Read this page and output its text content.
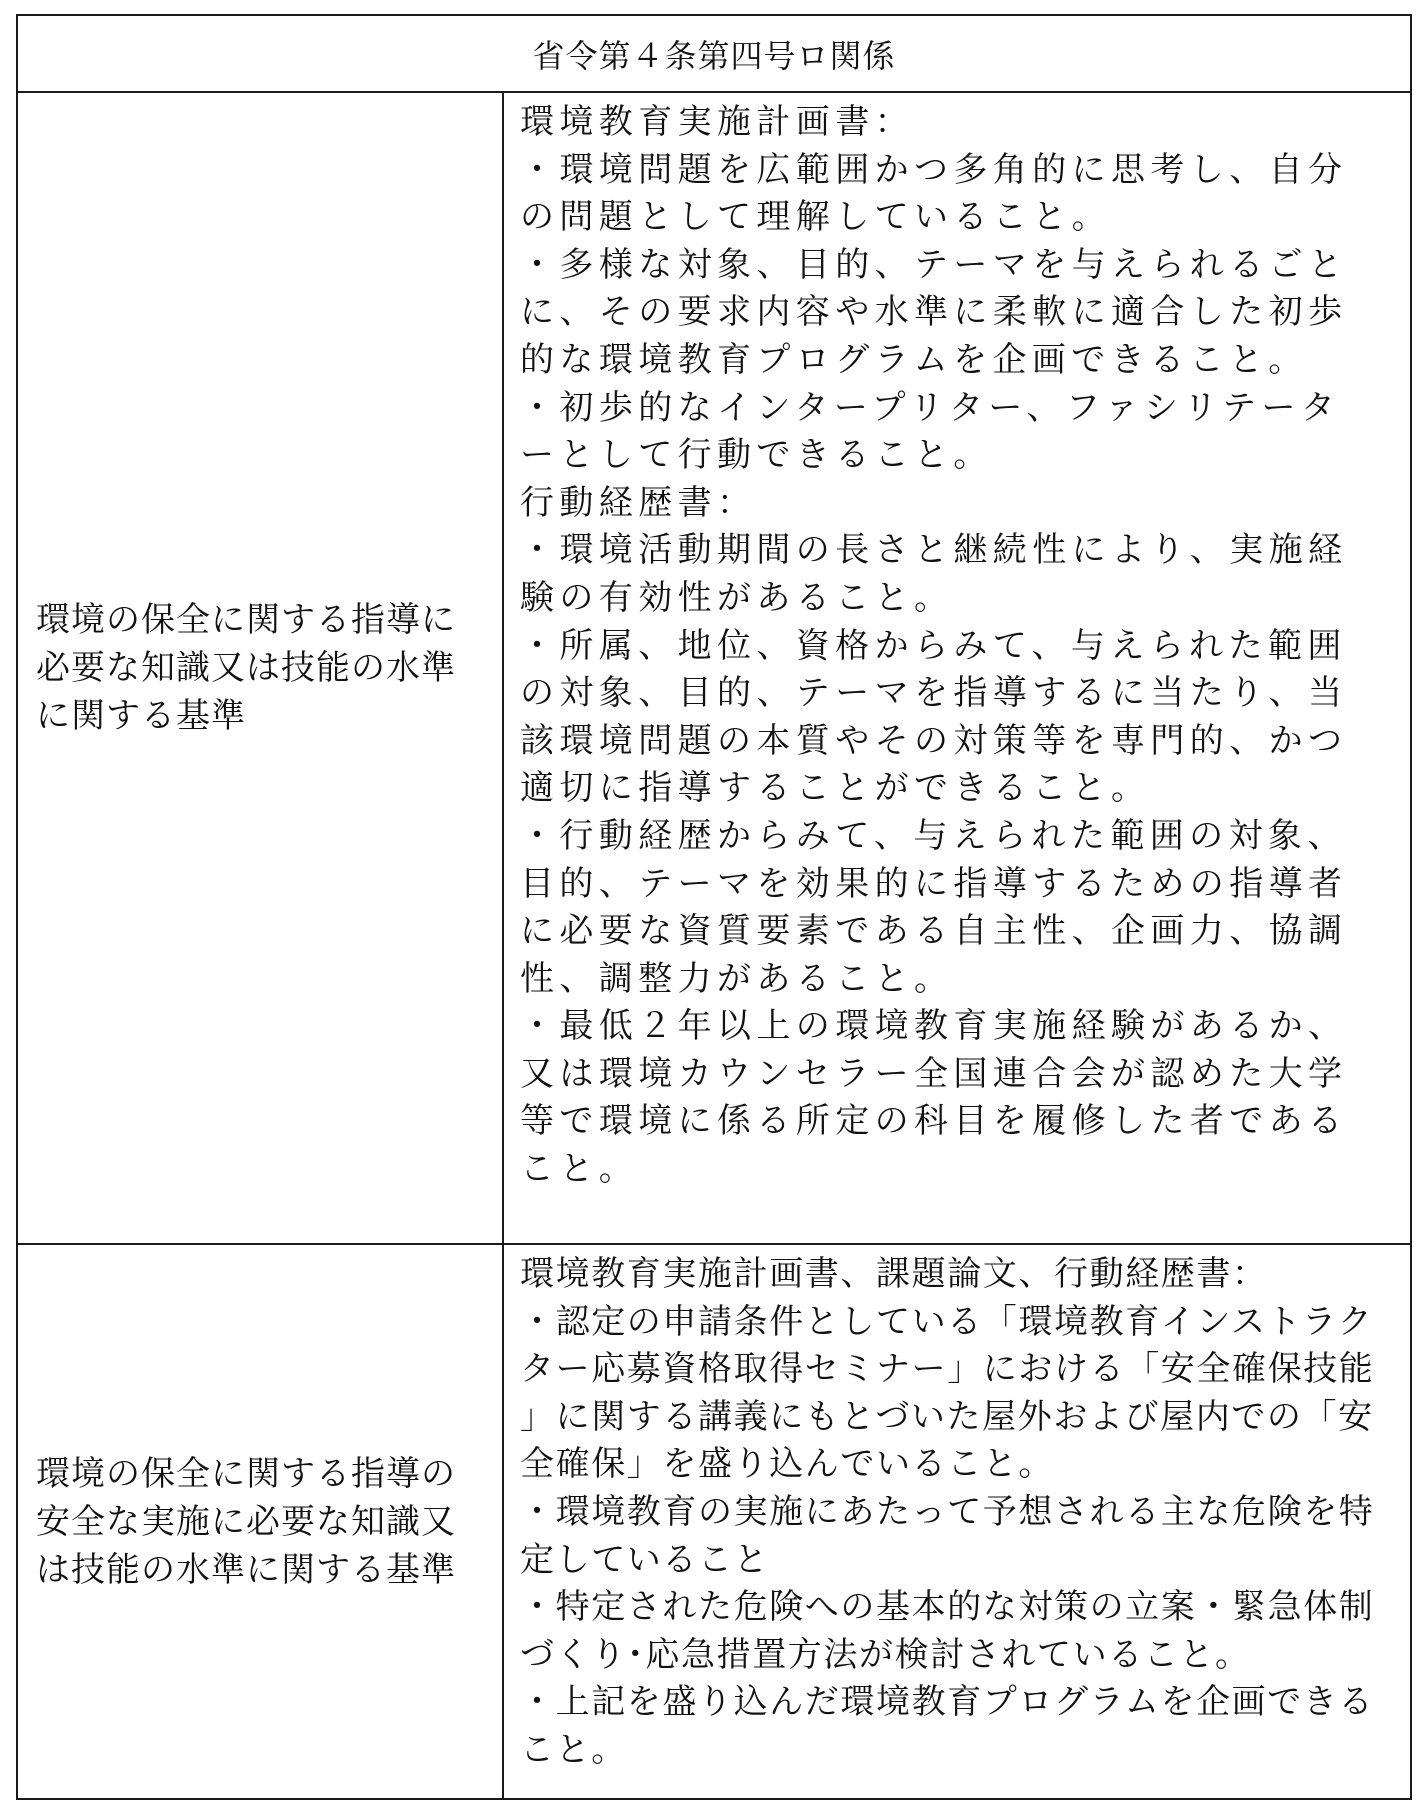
省令第４条第四号ロ関係
環境の保全に関する指導に
必要な知識又は技能の水準
に関する基準
環境教育実施計画書：
・環境問題を広範囲かつ多角的に思考し、自分
の問題として理解していること。
・多様な対象、目的、テーマを与えられるごと
に、その要求内容や水準に柔軟に適合した初歩
的な環境教育プログラムを企画できること。
・初歩的なインタープリター、ファシリテータ
ーとして行動できること。
行動経歴書：
・環境活動期間の長さと継続性により、実施経
験の有効性があること。
・所属、地位、資格からみて、与えられた範囲
の対象、目的、テーマを指導するに当たり、当
該環境問題の本質やその対策等を専門的、かつ
適切に指導することができること。
・行動経歴からみて、与えられた範囲の対象、
目的、テーマを効果的に指導するための指導者
に必要な資質要素である自主性、企画力、協調
性、調整力があること。
・最低２年以上の環境教育実施経験があるか、
又は環境カウンセラー全国連合会が認めた大学
等で環境に係る所定の科目を履修した者である
こと。
環境の保全に関する指導の
安全な実施に必要な知識又
は技能の水準に関する基準
環境教育実施計画書、課題論文、行動経歴書：
・認定の申請条件としている「環境教育インストラク
ター応募資格取得セミナー」における「安全確保技能
」に関する講義にもとづいた屋外および屋内での「安
全確保」を盛り込んでいること。
・環境教育の実施にあたって予想される主な危険を特
定していること
・特定された危険への基本的な対策の立案・緊急体制
づくり･応急措置方法が検討されていること。
・上記を盛り込んだ環境教育プログラムを企画できる
こと。
